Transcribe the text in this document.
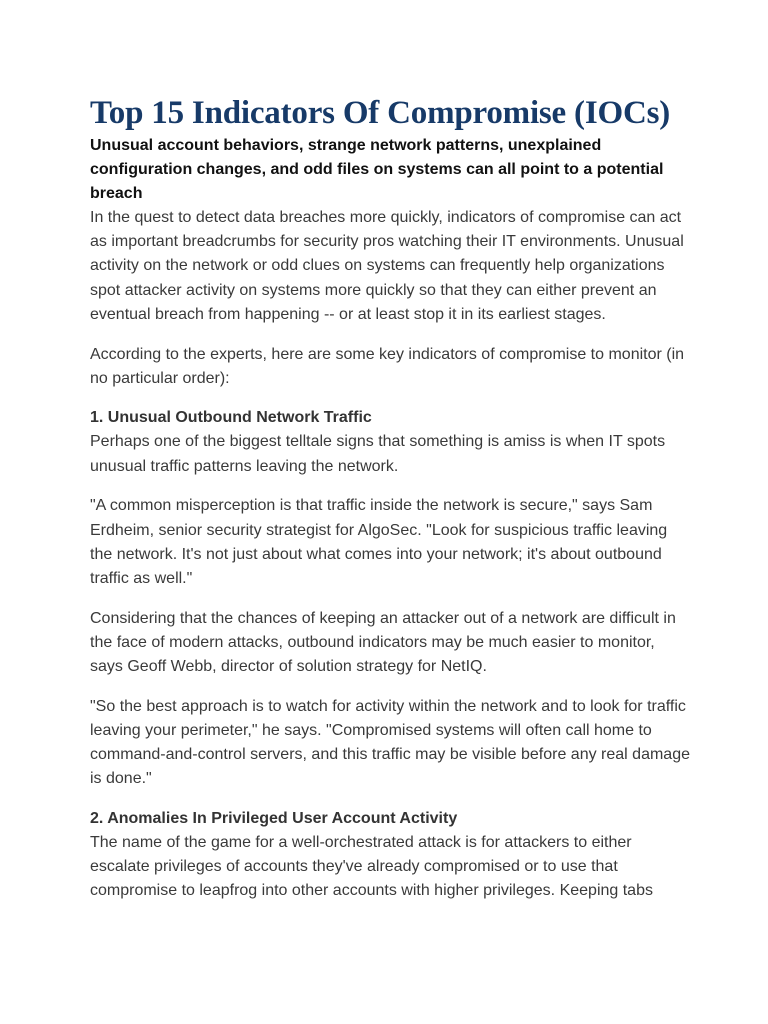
Top 15 Indicators Of Compromise (IOCs)

Unusual account behaviors, strange network patterns, unexplained configuration changes, and odd files on systems can all point to a potential breach

In the quest to detect data breaches more quickly, indicators of compromise can act as important breadcrumbs for security pros watching their IT environments. Unusual activity on the network or odd clues on systems can frequently help organizations spot attacker activity on systems more quickly so that they can either prevent an eventual breach from happening -- or at least stop it in its earliest stages.

According to the experts, here are some key indicators of compromise to monitor (in no particular order):

1. Unusual Outbound Network Traffic

Perhaps one of the biggest telltale signs that something is amiss is when IT spots unusual traffic patterns leaving the network.

"A common misperception is that traffic inside the network is secure," says Sam Erdheim, senior security strategist for AlgoSec. "Look for suspicious traffic leaving the network. It's not just about what comes into your network; it's about outbound traffic as well."

Considering that the chances of keeping an attacker out of a network are difficult in the face of modern attacks, outbound indicators may be much easier to monitor, says Geoff Webb, director of solution strategy for NetIQ.

"So the best approach is to watch for activity within the network and to look for traffic leaving your perimeter," he says. "Compromised systems will often call home to command-and-control servers, and this traffic may be visible before any real damage is done."

2. Anomalies In Privileged User Account Activity

The name of the game for a well-orchestrated attack is for attackers to either escalate privileges of accounts they've already compromised or to use that compromise to leapfrog into other accounts with higher privileges. Keeping tabs
